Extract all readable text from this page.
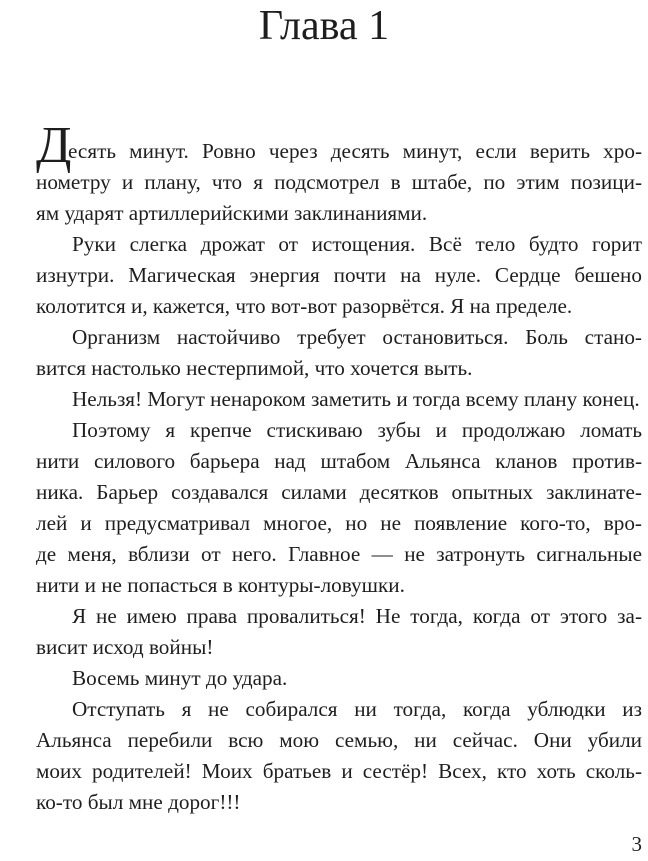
Глава 1
Д
есять минут. Ровно через десять минут, если верить хро-
нометру и плану, что я подсмотрел в штабе, по этим позици-
ям ударят артиллерийскими заклинаниями.
Руки слегка дрожат от истощения. Всё тело будто горит
изнутри. Магическая энергия почти на нуле. Сердце бешено
колотится и, кажется, что вот-вот разорвётся. Я на пределе.
Организм настойчиво требует остановиться. Боль стано-
вится настолько нестерпимой, что хочется выть.
Нельзя! Могут ненароком заметить и тогда всему плану конец.
Поэтому я крепче стискиваю зубы и продолжаю ломать
нити силового барьера над штабом Альянса кланов против-
ника. Барьер создавался силами десятков опытных заклинате-
лей и предусматривал многое, но не появление кого-то, вро-
де меня, вблизи от него. Главное — не затронуть сигнальные
нити и не попасться в контуры-ловушки.
Я не имею права провалиться! Не тогда, когда от этого за-
висит исход войны!
Восемь минут до удара.
Отступать я не собирался ни тогда, когда ублюдки из
Альянса перебили всю мою семью, ни сейчас. Они убили
моих родителей! Моих братьев и сестёр! Всех, кто хоть сколь-
ко-то был мне дорог!!!
3
